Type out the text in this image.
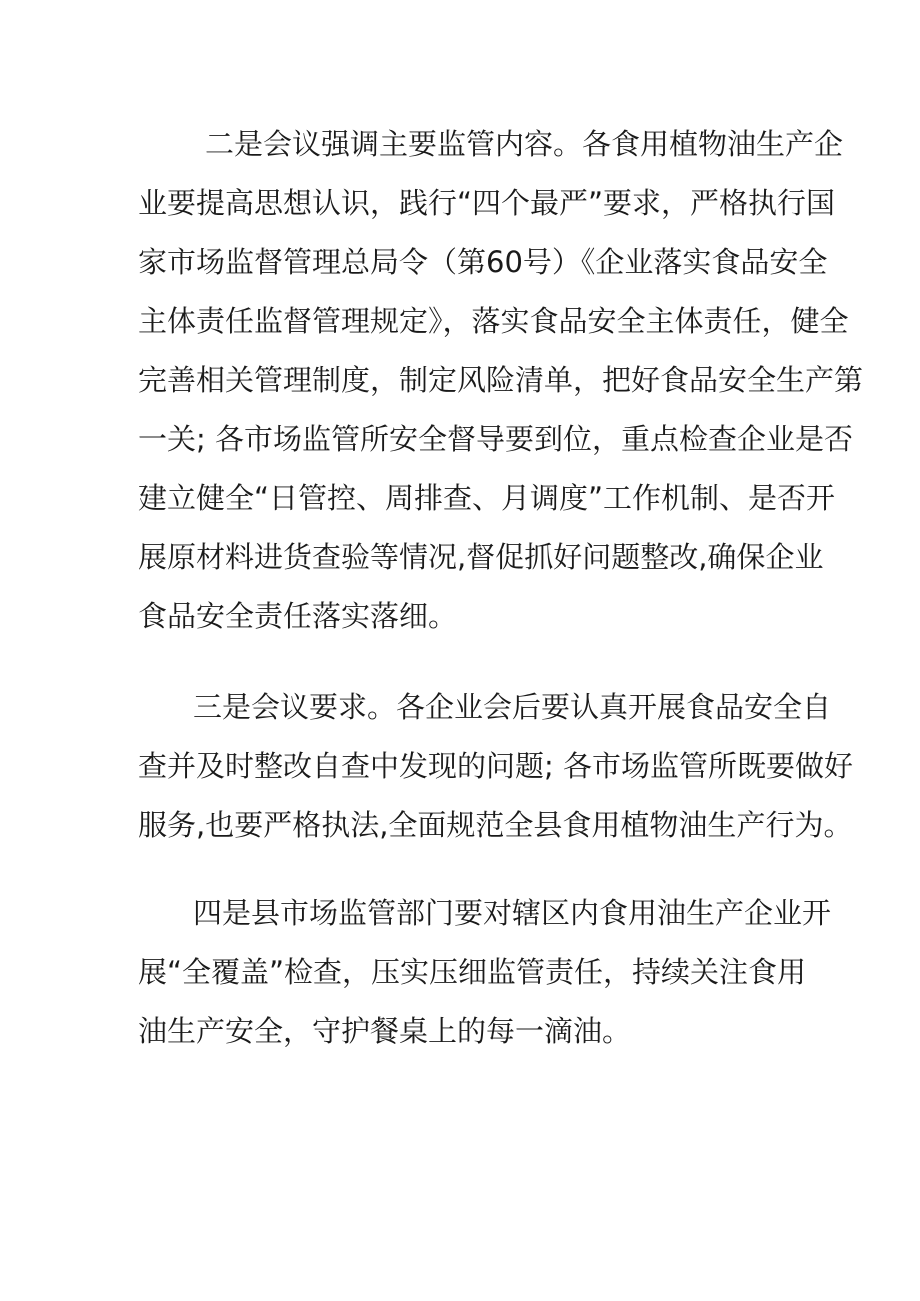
二是会议强调主要监管内容。各食用植物油生产企
业要提高思想认识，践行“四个最严”要求，严格执行国
家市场监督管理总局令（第60号）《企业落实食品安全
主体责任监督管理规定》，落实食品安全主体责任，健全
完善相关管理制度，制定风险清单，把好食品安全生产第
一关; 各市场监管所安全督导要到位，重点检查企业是否
建立健全“日管控、周排查、月调度”工作机制、是否开
展原材料进货查验等情况,督促抓好问题整改,确保企业
食品安全责任落实落细。
三是会议要求。各企业会后要认真开展食品安全自
查并及时整改自查中发现的问题; 各市场监管所既要做好
服务,也要严格执法,全面规范全县食用植物油生产行为。
四是县市场监管部门要对辖区内食用油生产企业开
展“全覆盖”检查，压实压细监管责任，持续关注食用
油生产安全，守护餐桌上的每一滴油。
